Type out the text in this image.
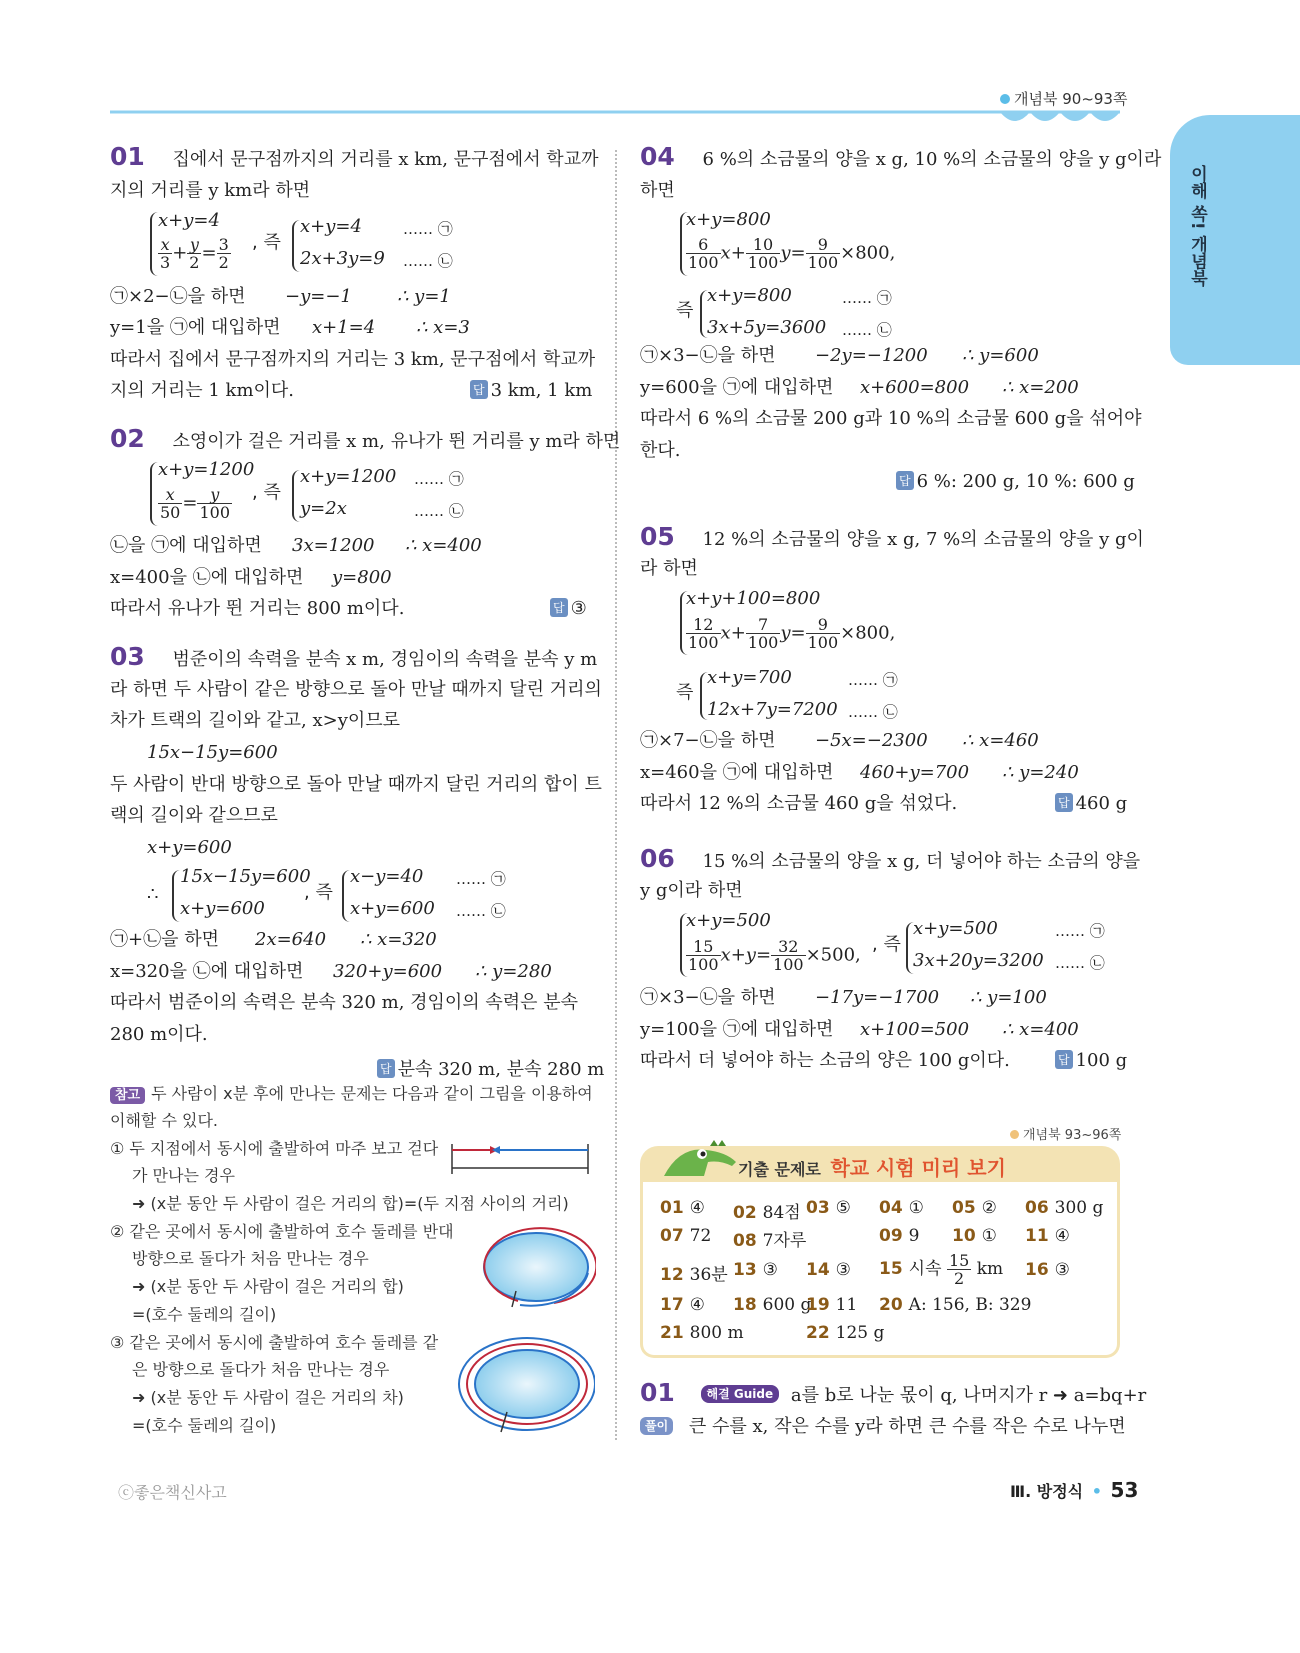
개념북 90~93쪽
이해 쏙! 개념북
01 집에서 문구점까지의 거리를 x km, 문구점에서 학교까
지의 거리를 y km라 하면
x+y=4
$\frac{x}{3} + \frac{y}{2} = \frac{3}{2}$ , 즉
x+y=4
2x+3y=9
…… ㉠
…… ㉡
㉠×2−㉡을 하면 −y=−1	∴ y=1
y=1을 ㉠에 대입하면 x+1=4 ∴ x=3
따라서 집에서 문구점까지의 거리는 3 km, 문구점에서 학교까
지의 거리는 1 km이다.	답 3 km, 1 km
02 소영이가 걸은 거리를 x m, 유나가 뛴 거리를 y m라 하면
x+y=1200
$\frac{x}{50} = \frac{y}{100}$ , 즉
x+y=1200
y=2x
…… ㉠
…… ㉡
㉡을 ㉠에 대입하면 3x=1200 ∴ x=400
x=400을 ㉡에 대입하면 y=800
따라서 유나가 뛴 거리는 800 m이다.	답 ③
03 범준이의 속력을 분속 x m, 경임이의 속력을 분속 y m
라 하면 두 사람이 같은 방향으로 돌아 만날 때까지 달린 거리의
차가 트랙의 길이와 같고, x>y이므로
15x−15y=600
두 사람이 반대 방향으로 돌아 만날 때까지 달린 거리의 합이 트
랙의 길이와 같으므로
x+y=600
∴
15x−15y=600
x+y=600
, 즉
x−y=40
x+y=600
…… ㉠
…… ㉡
㉠+㉡을 하면 2x=640 ∴ x=320
x=320을 ㉡에 대입하면 320+y=600 ∴ y=280
따라서 범준이의 속력은 분속 320 m, 경임이의 속력은 분속
280 m이다.
답 분속 320 m, 분속 280 m
참고 두 사람이 x분 후에 만나는 문제는 다음과 같이 그림을 이용하여
이해할 수 있다.
① 두 지점에서 동시에 출발하여 마주 보고 걷다
가 만나는 경우
➜ (x분 동안 두 사람이 걸은 거리의 합)=(두 지점 사이의 거리)
② 같은 곳에서 동시에 출발하여 호수 둘레를 반대
방향으로 돌다가 처음 만나는 경우
➜ (x분 동안 두 사람이 걸은 거리의 합)
=(호수 둘레의 길이)
③ 같은 곳에서 동시에 출발하여 호수 둘레를 같
은 방향으로 돌다가 처음 만나는 경우
➜ (x분 동안 두 사람이 걸은 거리의 차)
=(호수 둘레의 길이)
04 6 %의 소금물의 양을 x g, 10 %의 소금물의 양을 y g이라
하면
x+y=800
$\frac{6}{100} x+ \frac{10}{100} y= \frac{9}{100} \times 800$,
즉
x+y=800
3x+5y=3600
…… ㉠
…… ㉡
㉠×3−㉡을 하면 −2y=−1200 ∴ y=600
y=600을 ㉠에 대입하면 x+600=800 ∴ x=200
따라서 6 %의 소금물 200 g과 10 %의 소금물 600 g을 섞어야
한다.
답 6 %: 200 g, 10 %: 600 g
05 12 %의 소금물의 양을 x g, 7 %의 소금물의 양을 y g이
라 하면
x+y+100=800
$\frac{12}{100} x+ \frac{7}{100} y= \frac{9}{100} \times 800$,
즉
x+y=700
12x+7y=7200
…… ㉠
…… ㉡
㉠×7−㉡을 하면 −5x=−2300 ∴ x=460
x=460을 ㉠에 대입하면 460+y=700 ∴ y=240
따라서 12 %의 소금물 460 g을 섞었다.	답 460 g
06 15 %의 소금물의 양을 x g, 더 넣어야 하는 소금의 양을
y g이라 하면
x+y=500
$\frac{15}{100} x+y= \frac{32}{100} \times 500$, , 즉
x+y=500
3x+20y=3200
…… ㉠
…… ㉡
㉠×3−㉡을 하면 −17y=−1700 ∴ y=100
y=100을 ㉠에 대입하면 x+100=500 ∴ x=400
따라서 더 넣어야 하는 소금의 양은 100 g이다.	답 100 g
개념북 93~96쪽
기출 문제로 학교 시험 미리 보기
01 ④ 02 84점 03 ⑤ 04 ① 05 ② 06 300 g
07 72 08 7자루	09 9 10 ① 11 ④
12 36분 13 ③ 14 ③ 15 시속 $\frac{15}{2}$ km 16 ③
17 ④ 18 600 g
19 11 20 A: 156, B: 329
21 800 m	22 125 g
01	해결 Guide a를 b로 나눈 몫이 q, 나머지가 r ➜ a=bq+r
풀이 큰 수를 x, 작은 수를 y라 하면 큰 수를 작은 수로 나누면
ⓒ좋은책신사고	Ⅲ. 방정식 • 53
